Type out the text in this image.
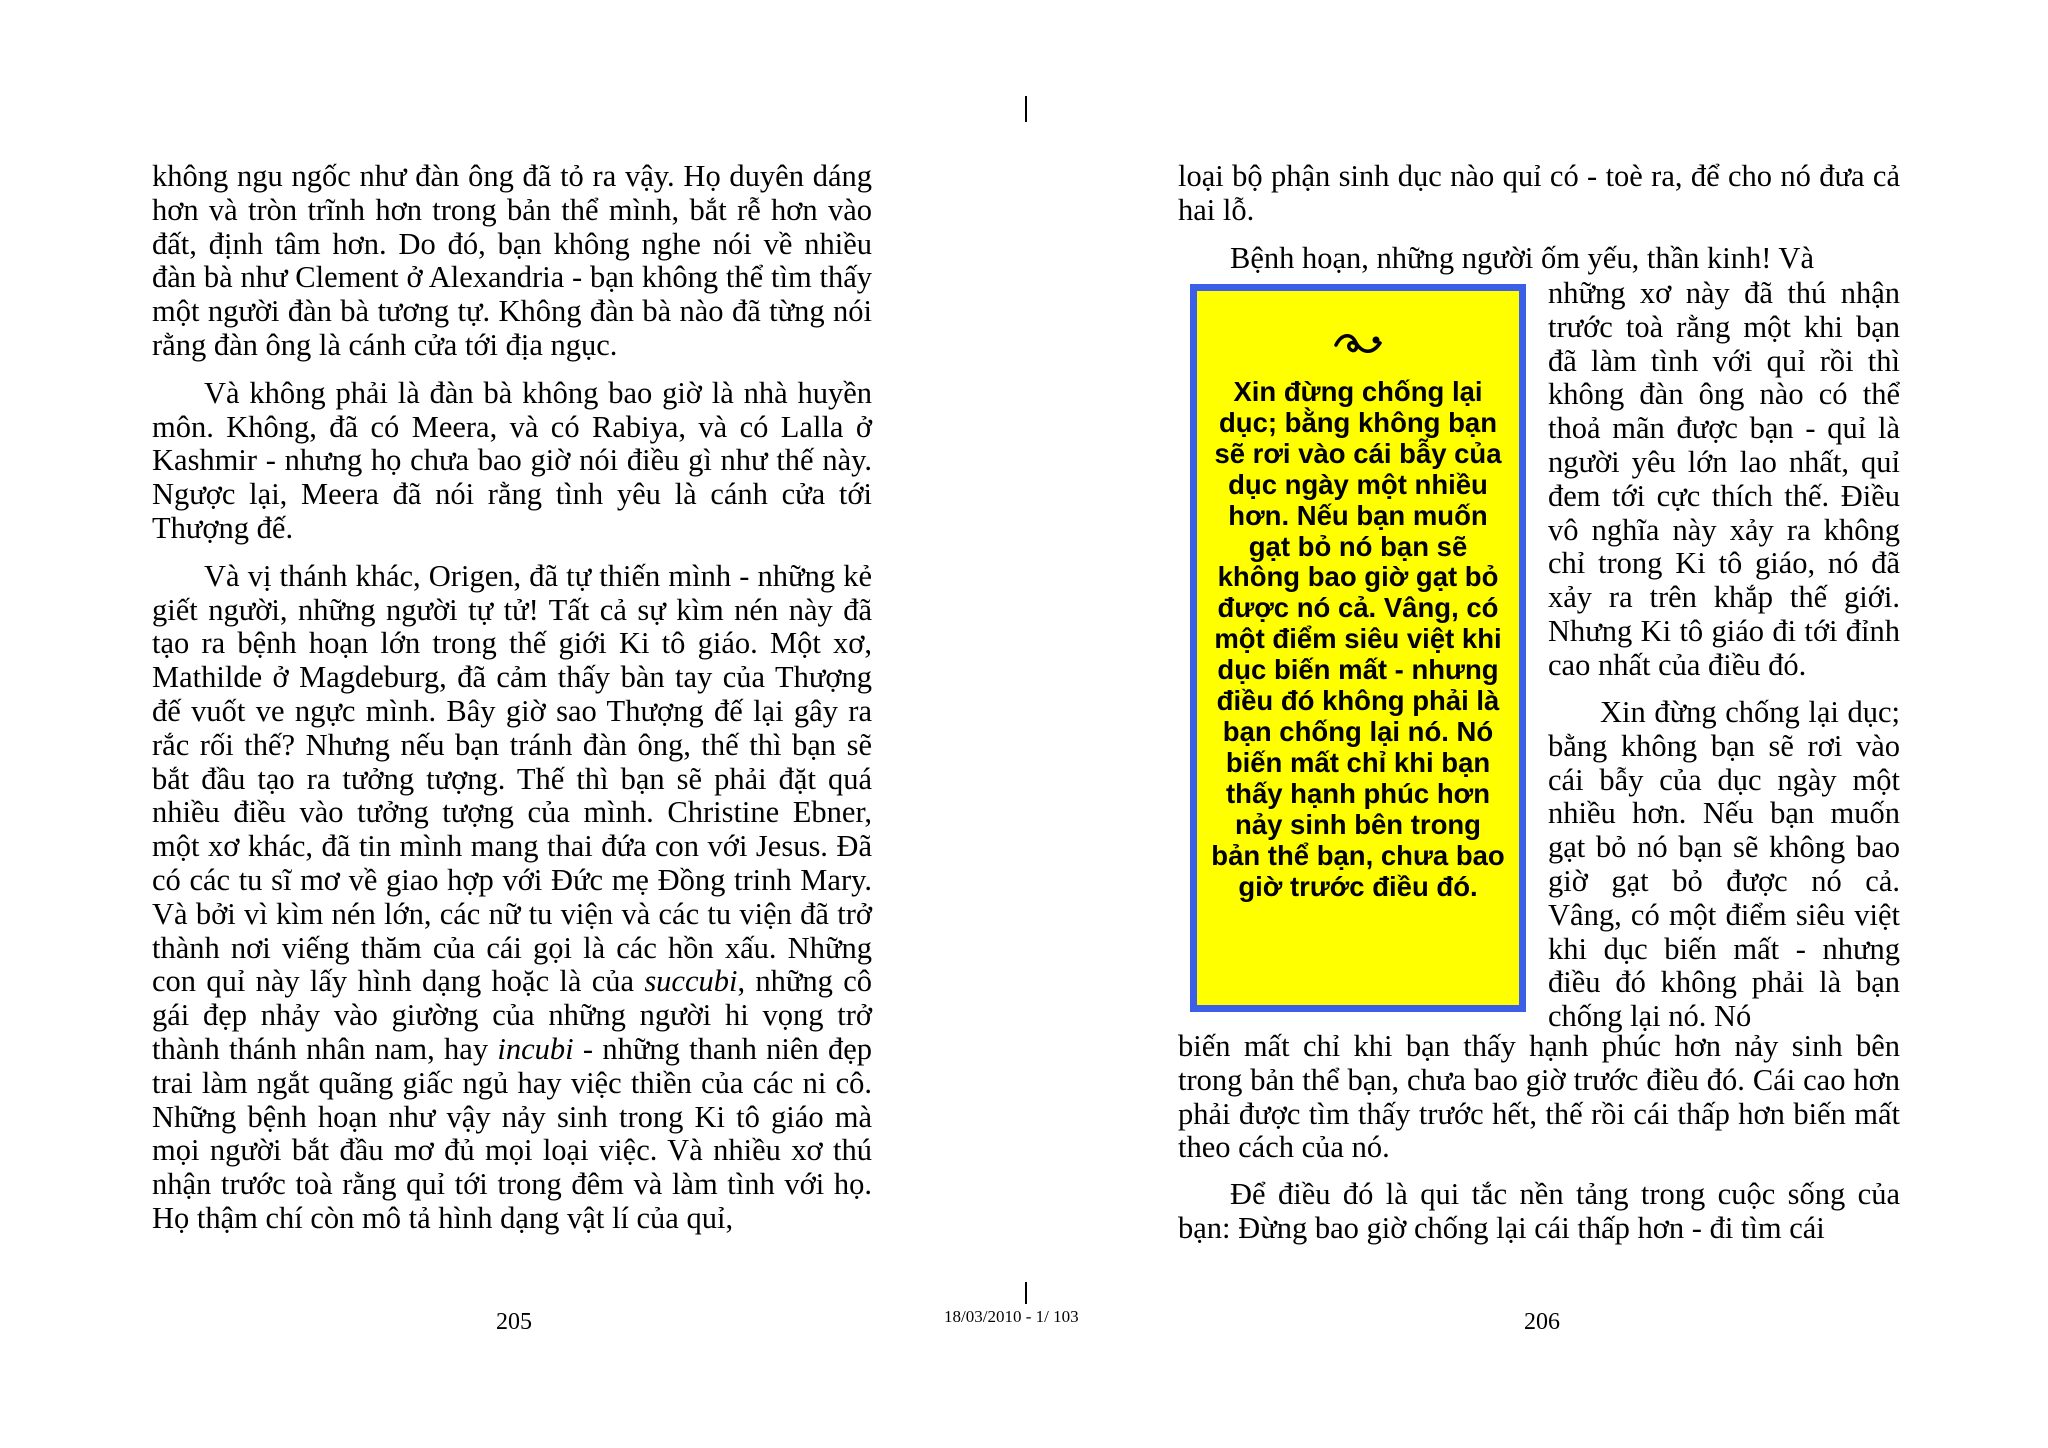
không ngu ngốc như đàn ông đã tỏ ra vậy. Họ duyên dáng hơn và tròn trĩnh hơn trong bản thể mình, bắt rễ hơn vào đất, định tâm hơn. Do đó, bạn không nghe nói về nhiều đàn bà như Clement ở Alexandria - bạn không thể tìm thấy một người đàn bà tương tự. Không đàn bà nào đã từng nói rằng đàn ông là cánh cửa tới địa ngục.

Và không phải là đàn bà không bao giờ là nhà huyền môn. Không, đã có Meera, và có Rabiya, và có Lalla ở Kashmir - nhưng họ chưa bao giờ nói điều gì như thế này. Ngược lại, Meera đã nói rằng tình yêu là cánh cửa tới Thượng đế.

Và vị thánh khác, Origen, đã tự thiến mình - những kẻ giết người, những người tự tử! Tất cả sự kìm nén này đã tạo ra bệnh hoạn lớn trong thế giới Ki tô giáo. Một xơ, Mathilde ở Magdeburg, đã cảm thấy bàn tay của Thượng đế vuốt ve ngực mình. Bây giờ sao Thượng đế lại gây ra rắc rối thế? Nhưng nếu bạn tránh đàn ông, thế thì bạn sẽ bắt đầu tạo ra tưởng tượng. Thế thì bạn sẽ phải đặt quá nhiều điều vào tưởng tượng của mình. Christine Ebner, một xơ khác, đã tin mình mang thai đứa con với Jesus. Đã có các tu sĩ mơ về giao hợp với Đức mẹ Đồng trinh Mary. Và bởi vì kìm nén lớn, các nữ tu viện và các tu viện đã trở thành nơi viếng thăm của cái gọi là các hồn xấu. Những con quỉ này lấy hình dạng hoặc là của succubi, những cô gái đẹp nhảy vào giường của những người hi vọng trở thành thánh nhân nam, hay incubi - những thanh niên đẹp trai làm ngắt quãng giấc ngủ hay việc thiền của các ni cô. Những bệnh hoạn như vậy nảy sinh trong Ki tô giáo mà mọi người bắt đầu mơ đủ mọi loại việc. Và nhiều xơ thú nhận trước toà rằng quỉ tới trong đêm và làm tình với họ. Họ thậm chí còn mô tả hình dạng vật lí của quỉ,

loại bộ phận sinh dục nào quỉ có - toè ra, để cho nó đưa cả hai lỗ.

Bệnh hoạn, những người ốm yếu, thần kinh! Và

Xin đừng chống lại dục; bằng không bạn sẽ rơi vào cái bẫy của dục ngày một nhiều hơn. Nếu bạn muốn gạt bỏ nó bạn sẽ không bao giờ gạt bỏ được nó cả. Vâng, có một điểm siêu việt khi dục biến mất - nhưng điều đó không phải là bạn chống lại nó. Nó biến mất chỉ khi bạn thấy hạnh phúc hơn nảy sinh bên trong bản thể bạn, chưa bao giờ trước điều đó.
những xơ này đã thú nhận trước toà rằng một khi bạn đã làm tình với quỉ rồi thì không đàn ông nào có thể thoả mãn được bạn - quỉ là người yêu lớn lao nhất, quỉ đem tới cực thích thế. Điều vô nghĩa này xảy ra không chỉ trong Ki tô giáo, nó đã xảy ra trên khắp thế giới. Nhưng Ki tô giáo đi tới đỉnh cao nhất của điều đó.
Xin đừng chống lại dục; bằng không bạn sẽ rơi vào cái bẫy của dục ngày một nhiều hơn. Nếu bạn muốn gạt bỏ nó bạn sẽ không bao giờ gạt bỏ được nó cả. Vâng, có một điểm siêu việt khi dục biến mất - nhưng điều đó không phải là bạn chống lại nó. Nó
biến mất chỉ khi bạn thấy hạnh phúc hơn nảy sinh bên trong bản thể bạn, chưa bao giờ trước điều đó. Cái cao hơn phải được tìm thấy trước hết, thế rồi cái thấp hơn biến mất theo cách của nó.
Để điều đó là qui tắc nền tảng trong cuộc sống của bạn: Đừng bao giờ chống lại cái thấp hơn - đi tìm cái
205	18/03/2010 - 1/ 103	206
